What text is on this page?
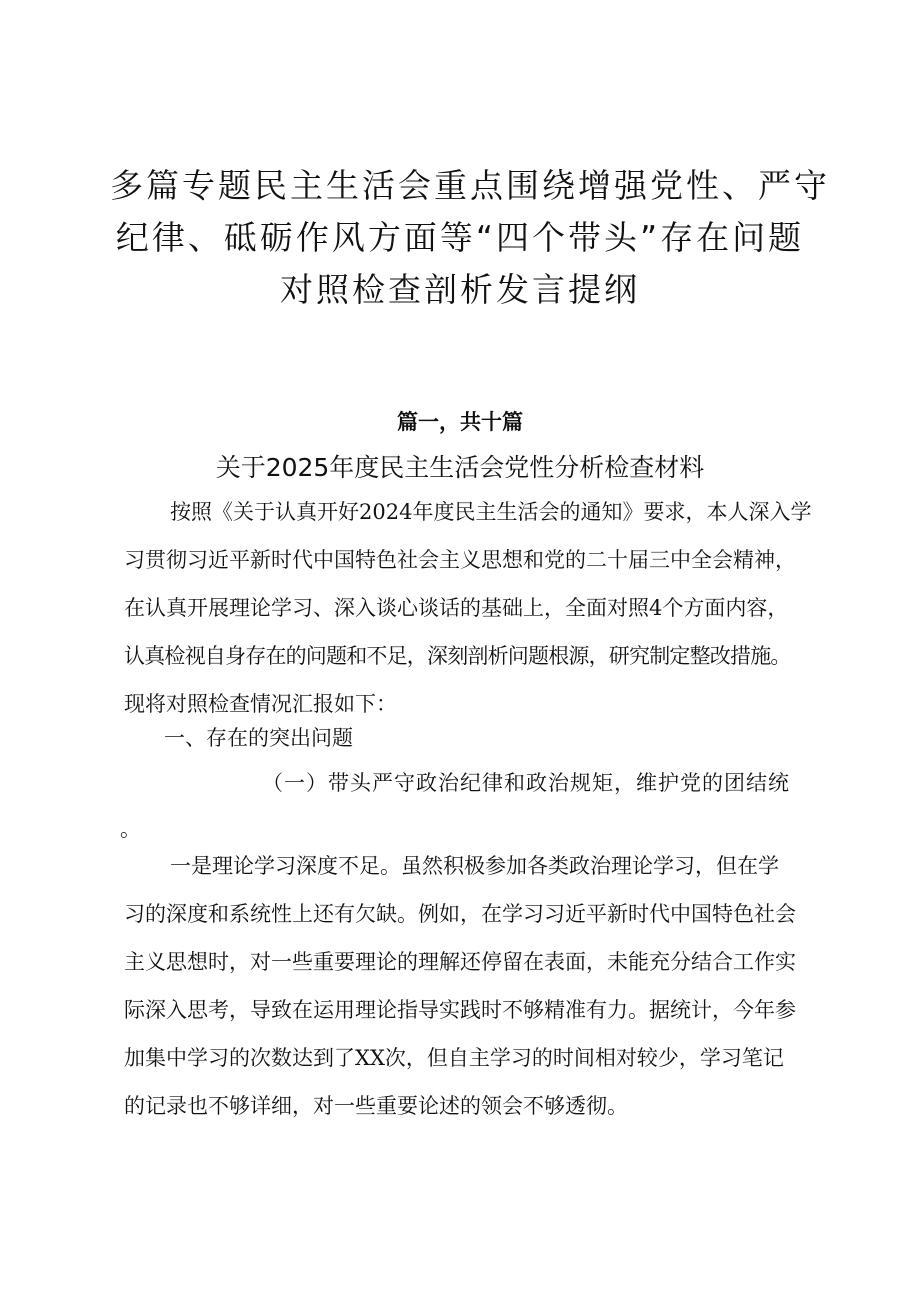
多篇专题民主生活会重点围绕增强党性、严守
纪律、砥砺作风方面等“四个带头”存在问题
对照检查剖析发言提纲
篇一，共十篇
关于2025年度民主生活会党性分析检查材料
按照《关于认真开好2024年度民主生活会的通知》要求，本人深入学
习贯彻习近平新时代中国特色社会主义思想和党的二十届三中全会精神，
在认真开展理论学习、深入谈心谈话的基础上，全面对照4个方面内容，
认真检视自身存在的问题和不足，深刻剖析问题根源，研究制定整改措施。
现将对照检查情况汇报如下：
一、存在的突出问题
（一）带头严守政治纪律和政治规矩，维护党的团结统
。
一是理论学习深度不足。虽然积极参加各类政治理论学习，但在学
习的深度和系统性上还有欠缺。例如，在学习习近平新时代中国特色社会
主义思想时，对一些重要理论的理解还停留在表面，未能充分结合工作实
际深入思考，导致在运用理论指导实践时不够精准有力。据统计，今年参
加集中学习的次数达到了XX次，但自主学习的时间相对较少，学习笔记
的记录也不够详细，对一些重要论述的领会不够透彻。
